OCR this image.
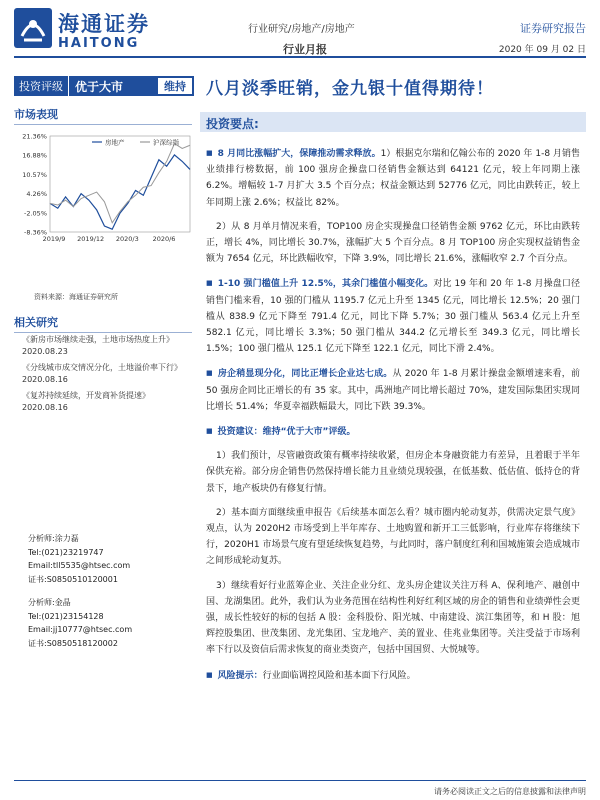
海通证券
HAITONG
行业研究/房地产/房地产
行业月报
证券研究报告
2020 年 09 月 02 日
投资评级	优于大市	维持	八月淡季旺销，金九银十值得期待！
市场表现
21.36%
16.88%
10.57%
4.26%
-2.05%
-8.36%
2019/9 2019/12 2020/3 2020/6
房地产	沪深综指
资料来源：海通证券研究所
相关研究
《新房市场继续走强，土地市场热度上升》
2020.08.23
《分线城市成交情况分化，土地溢价率下行》
2020.08.16
《复苏持续延续，开发商补货提速》
2020.08.16
分析师:涂力磊
Tel:(021)23219747
Email:tll5535@htsec.com
证书:S0850510120001
分析师:金晶
Tel:(021)23154128
Email:jj10777@htsec.com
证书:S0850518120002
投资要点:

■ 8 月同比涨幅扩大，保障推动需求释放。1）根据克尔瑞和亿翰公布的 2020 年 1-8 月销售业绩排行榜数据，前 100 强房企操盘口径销售金额达到 64121 亿元，较上年同期上涨 6.2%。增幅较 1-7 月扩大 3.5 个百分点；权益金额达到 52776 亿元，同比由跌转正，较上年同期上涨 2.6%；权益比 82%。

2）从 8 月单月情况来看，TOP100 房企实现操盘口径销售金额 9762 亿元，环比由跌转正，增长 4%，同比增长 30.7%，涨幅扩大 5 个百分点。8 月 TOP100 房企实现权益销售金额为 7654 亿元，环比跌幅收窄，下降 3.9%，同比增长 21.6%，涨幅收窄 2.7 个百分点。

■ 1-10 强门槛值上升 12.5%，其余门槛值小幅变化。对比 19 年和 20 年 1-8 月操盘口径销售门槛来看，10 强的门槛从 1195.7 亿元上升至 1345 亿元，同比增长 12.5%；20 强门槛从 838.9 亿元下降至 791.4 亿元，同比下降 5.7%；30 强门槛从 563.4 亿元上升至 582.1 亿元，同比增长 3.3%；50 强门槛从 344.2 亿元增长至 349.3 亿元，同比增长 1.5%；100 强门槛从 125.1 亿元下降至 122.1 亿元，同比下滑 2.4%。

■ 房企稍显现分化，同比正增长企业达七成。从 2020 年 1-8 月累计操盘金额增速来看，前 50 强房企同比正增长的有 35 家。其中，禹洲地产同比增长超过 70%，建发国际集团实现同比增长 51.4%；华夏幸福跌幅最大，同比下跌 39.3%。

■ 投资建议：维持“优于大市”评级。

1）我们预计，尽管融资政策有概率持续收紧，但房企本身融资能力有差异，且着眼于半年保供充裕。部分房企销售仍然保持增长能力且业绩兑现较强，在低基数、低估值、低持仓的背景下，地产板块仍有修复行情。

2）基本面方面继续重申报告《后续基本面怎么看？城市圈内轮动复苏，供需决定景气度》观点，认为 2020H2 市场受到上半年库存、土地购置和新开工三低影响，行业库存将继续下行，2020H1 市场景气度有望延续恢复趋势，与此同时，落户制度红利和国城施策会造成城市之间形成轮动复苏。

3）继续看好行业蓝筹企业、关注企业分红、龙头房企建议关注万科 A、保利地产、融创中国、龙湖集团。此外，我们认为业务范围在结构性利好红利区域的房企的销售和业绩弹性会更强，成长性较好的标的包括 A 股：金科股份、阳光城、中南建设、滨江集团等，和 H 股：旭辉控股集团、世茂集团、龙光集团、宝龙地产、美的置业、佳兆业集团等。关注受益于市场利率下行以及资信后需求恢复的商业类资产，包括中国国贸、大悦城等。

■ 风险提示：行业面临调控风险和基本面下行风险。

请务必阅读正文之后的信息披露和法律声明
